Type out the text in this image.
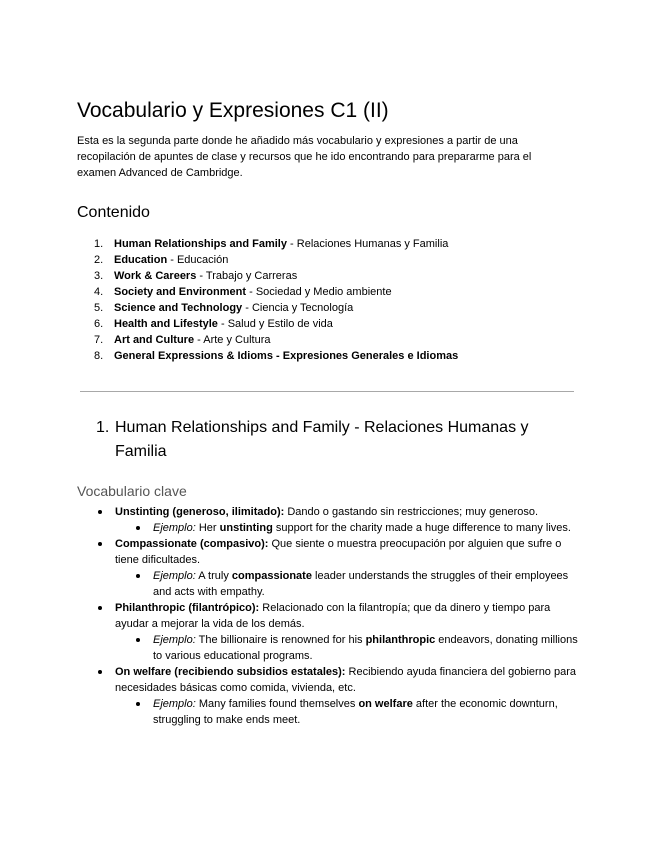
Vocabulario y Expresiones C1 (II)
Esta es la segunda parte donde he añadido más vocabulario y expresiones a partir de una recopilación de apuntes de clase y recursos que he ido encontrando para prepararme para el examen Advanced de Cambridge.
Contenido
1. Human Relationships and Family - Relaciones Humanas y Familia
2. Education - Educación
3. Work & Careers - Trabajo y Carreras
4. Society and Environment - Sociedad y Medio ambiente
5. Science and Technology - Ciencia y Tecnología
6. Health and Lifestyle - Salud y Estilo de vida
7. Art and Culture - Arte y Cultura
8. General Expressions & Idioms - Expresiones Generales e Idiomas
1. Human Relationships and Family - Relaciones Humanas y Familia
Vocabulario clave
Unstinting (generoso, ilimitado): Dando o gastando sin restricciones; muy generoso.
Ejemplo: Her unstinting support for the charity made a huge difference to many lives.
Compassionate (compasivo): Que siente o muestra preocupación por alguien que sufre o tiene dificultades.
Ejemplo: A truly compassionate leader understands the struggles of their employees and acts with empathy.
Philanthropic (filantrópico): Relacionado con la filantropía; que da dinero y tiempo para ayudar a mejorar la vida de los demás.
Ejemplo: The billionaire is renowned for his philanthropic endeavors, donating millions to various educational programs.
On welfare (recibiendo subsidios estatales): Recibiendo ayuda financiera del gobierno para necesidades básicas como comida, vivienda, etc.
Ejemplo: Many families found themselves on welfare after the economic downturn, struggling to make ends meet.
